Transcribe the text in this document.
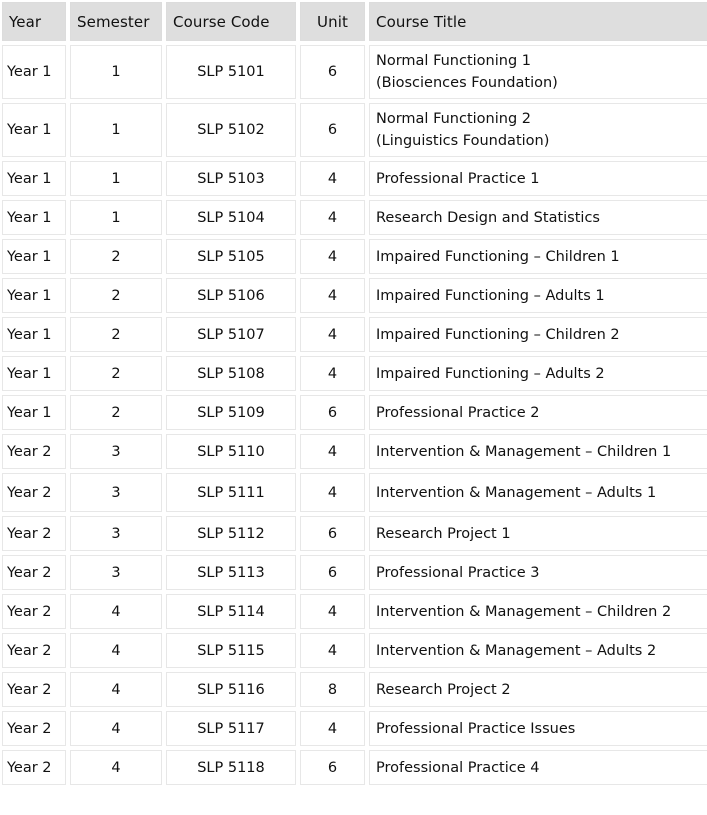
Year	Semester	Course Code	Unit	Course Title
Year 1	1	SLP 5101	6	Normal Functioning 1
(Biosciences Foundation)

Year 1	1	SLP 5102	6	Normal Functioning 2
(Linguistics Foundation)

Year 1	1	SLP 5103	4	Professional Practice 1
Year 1	1	SLP 5104	4	Research Design and Statistics
Year 1	2	SLP 5105	4	Impaired Functioning – Children 1
Year 1	2	SLP 5106	4	Impaired Functioning – Adults 1
Year 1	2	SLP 5107	4	Impaired Functioning – Children 2
Year 1	2	SLP 5108	4	Impaired Functioning – Adults 2
Year 1	2	SLP 5109	6	Professional Practice 2
Year 2	3	SLP 5110	4	Intervention & Management – Children 1
Year 2	3	SLP 5111	4	Intervention & Management – Adults 1
Year 2	3	SLP 5112	6	Research Project 1
Year 2	3	SLP 5113	6	Professional Practice 3
Year 2	4	SLP 5114	4	Intervention & Management – Children 2
Year 2	4	SLP 5115	4	Intervention & Management – Adults 2
Year 2	4	SLP 5116	8	Research Project 2
Year 2	4	SLP 5117	4	Professional Practice Issues
Year 2	4	SLP 5118	6	Professional Practice 4
